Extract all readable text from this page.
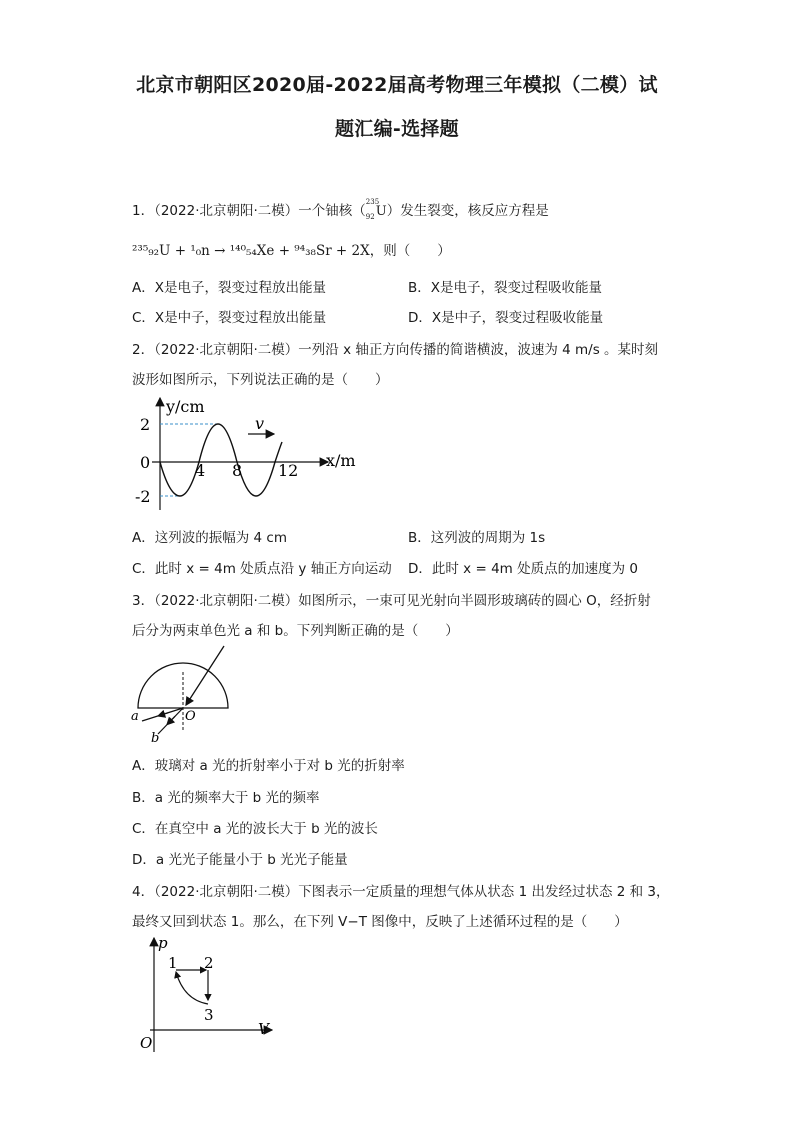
北京市朝阳区2020届-2022届高考物理三年模拟（二模）试
题汇编-选择题
1．（2022·北京朝阳·二模）一个铀核（
235
92 U）发生裂变，核反应方程是
²³⁵₉₂U + ¹₀n → ¹⁴⁰₅₄Xe + ⁹⁴₃₈Sr + 2X，则（　　）
A．X是电子，裂变过程放出能量	B．X是电子，裂变过程吸收能量
C．X是中子，裂变过程放出能量	D．X是中子，裂变过程吸收能量
2．（2022·北京朝阳·二模）一列沿 x 轴正方向传播的简谐横波，波速为 4 m/s 。某时刻
波形如图所示，下列说法正确的是（　　）
v
y/cm
x/m
2
0
-2
4 8 12
A．这列波的振幅为 4 cm	B．这列波的周期为 1s
C．此时 x = 4m 处质点沿 y 轴正方向运动 D．此时 x = 4m 处质点的加速度为 0
3．（2022·北京朝阳·二模）如图所示，一束可见光射向半圆形玻璃砖的圆心 O，经折射
后分为两束单色光 a 和 b。下列判断正确的是（　　）
a
b
O
A．玻璃对 a 光的折射率小于对 b 光的折射率
B．a 光的频率大于 b 光的频率
C．在真空中 a 光的波长大于 b 光的波长
D．a 光光子能量小于 b 光光子能量
4．（2022·北京朝阳·二模）下图表示一定质量的理想气体从状态 1 出发经过状态 2 和 3，
最终又回到状态 1。那么，在下列 V−T 图像中，反映了上述循环过程的是（　　）
p
V
O
1 2
3
